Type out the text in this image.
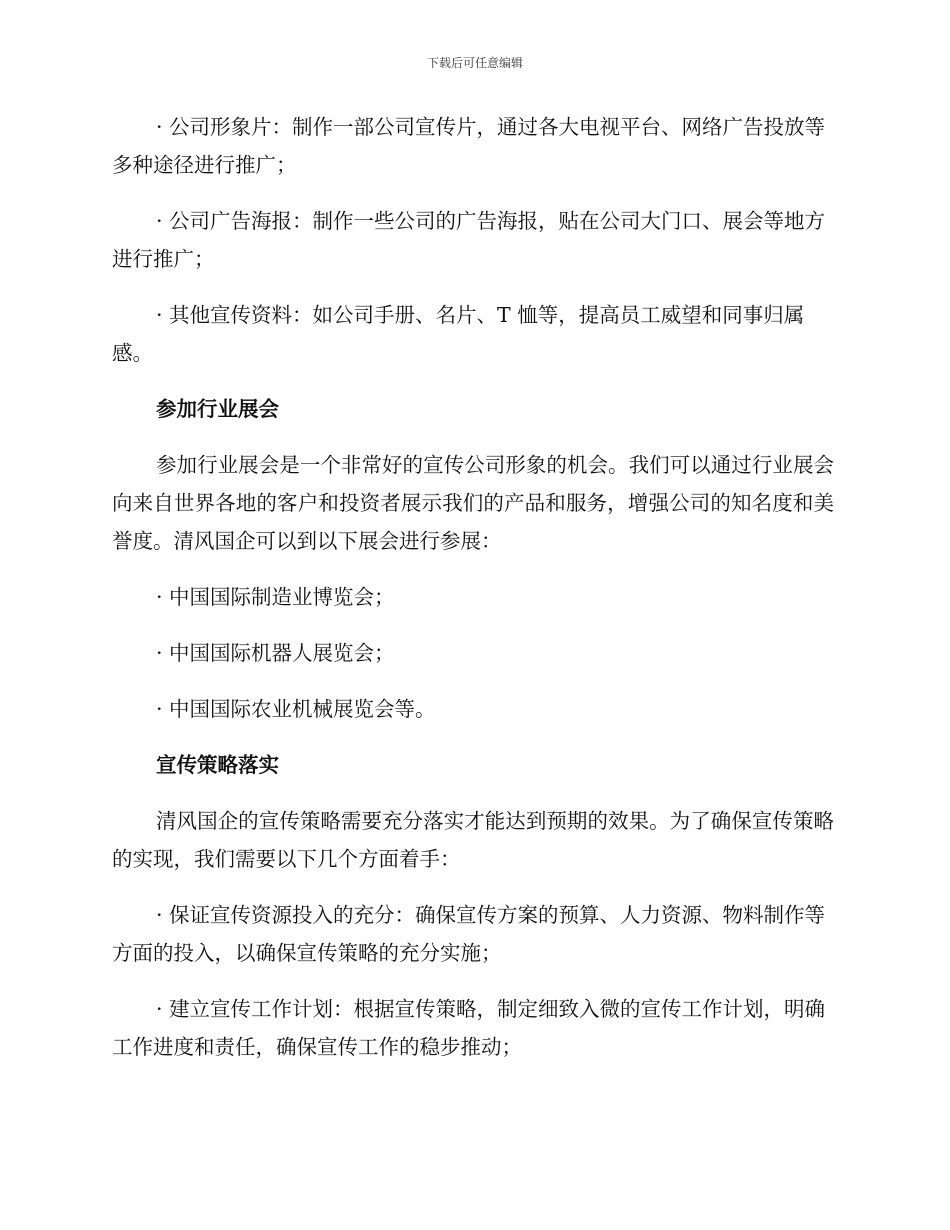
下载后可任意编辑

· 公司形象片：制作一部公司宣传片，通过各大电视平台、网络广告投放等多种途径进行推广；

· 公司广告海报：制作一些公司的广告海报，贴在公司大门口、展会等地方进行推广；

· 其他宣传资料：如公司手册、名片、T 恤等，提高员工威望和同事归属感。

参加行业展会

参加行业展会是一个非常好的宣传公司形象的机会。我们可以通过行业展会向来自世界各地的客户和投资者展示我们的产品和服务，增强公司的知名度和美誉度。清风国企可以到以下展会进行参展：

· 中国国际制造业博览会；

· 中国国际机器人展览会；

· 中国国际农业机械展览会等。

宣传策略落实

清风国企的宣传策略需要充分落实才能达到预期的效果。为了确保宣传策略的实现，我们需要以下几个方面着手：

· 保证宣传资源投入的充分：确保宣传方案的预算、人力资源、物料制作等方面的投入，以确保宣传策略的充分实施；

· 建立宣传工作计划：根据宣传策略，制定细致入微的宣传工作计划，明确工作进度和责任，确保宣传工作的稳步推动；
